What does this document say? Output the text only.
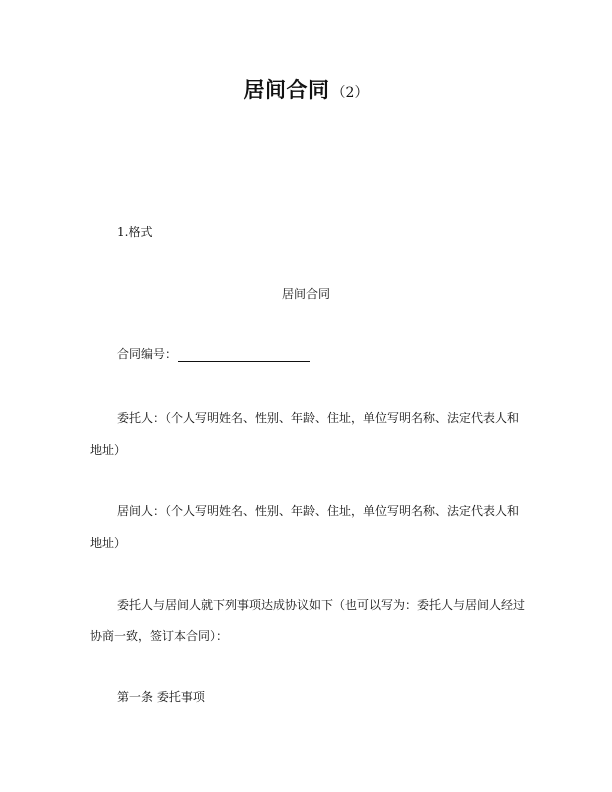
居间合同 （2）
1.格式
居间合同
合同编号：
委托人：（个人写明姓名、性别、年龄、住址，单位写明名称、法定代表人和
地址）
居间人：（个人写明姓名、性别、年龄、住址，单位写明名称、法定代表人和
地址）
委托人与居间人就下列事项达成协议如下（也可以写为：委托人与居间人经过
协商一致，签订本合同）：
第一条 委托事项
